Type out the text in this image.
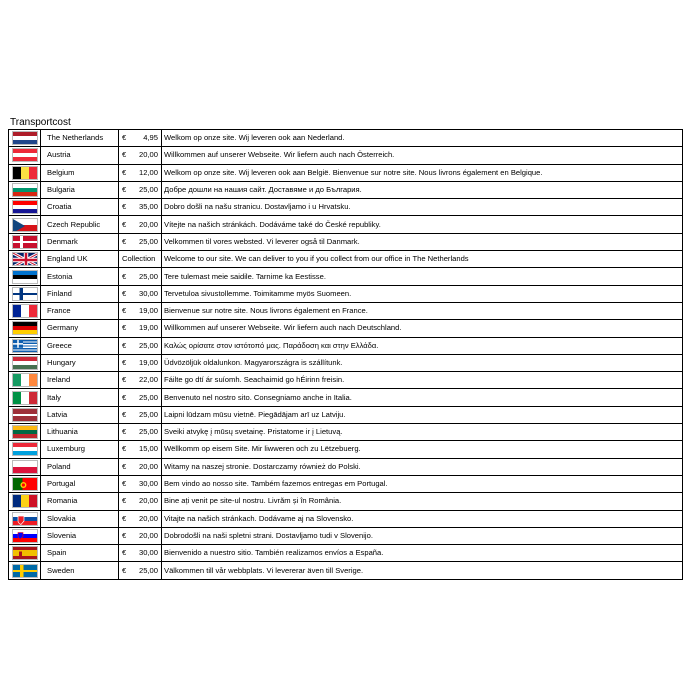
Transportcost
	The Netherlands	€ 4,95	Welkom op onze site. Wij leveren ook aan Nederland.
	Austria	€ 20,00	Willkommen auf unserer Webseite. Wir liefern auch nach Österreich.
	Belgium	€ 12,00	Welkom op onze site. Wij leveren ook aan België. Bienvenue sur notre site. Nous livrons également en Belgique.
	Bulgaria	€ 25,00	Добре дошли на нашия сайт. Доставяме и до България.
	Croatia	€ 35,00	Dobro došli na našu stranicu. Dostavljamo i u Hrvatsku.

	Czech Republic	€ 20,00	Vítejte na našich stránkách. Dodáváme také do České republiky.
	Denmark	€ 25,00	Velkommen til vores websted. Vi leverer også til Danmark.

	England UK	Collection	Welcome to our site. We can deliver to you if you collect from our office in The Netherlands
	Estonia	€ 25,00	Tere tulemast meie saidile. Tarnime ka Eestisse.
	Finland	€ 30,00	Tervetuloa sivustollemme. Toimitamme myös Suomeen.
	France	€ 19,00	Bienvenue sur notre site. Nous livrons également en France.
	Germany	€ 19,00	Willkommen auf unserer Webseite. Wir liefern auch nach Deutschland.

	Greece	€ 25,00	Καλώς ορίσατε στον ιστότοπό μας. Παράδοση και στην Ελλάδα.
	Hungary	€ 19,00	Üdvözöljük oldalunkon. Magyarországra is szállítunk.
	Ireland	€ 22,00	Fáilte go dtí ár suíomh. Seachaimid go hÉirinn freisin.
	Italy	€ 25,00	Benvenuto nel nostro sito. Consegniamo anche in Italia.
	Latvia	€ 25,00	Laipni lūdzam mūsu vietnē. Piegādājam arī uz Latviju.
	Lithuania	€ 25,00	Sveiki atvykę į mūsų svetainę. Pristatome ir į Lietuvą.
	Luxemburg	€ 15,00	Wëllkomm op eisem Site. Mir liwweren och zu Lëtzebuerg.
	Poland	€ 20,00	Witamy na naszej stronie. Dostarczamy również do Polski.

	Portugal	€ 30,00	Bem vindo ao nosso site. Também fazemos entregas em Portugal.
	Romania	€ 20,00	Bine ați venit pe site-ul nostru. Livrăm și în România.

	Slovakia	€ 20,00	Vitajte na našich stránkach. Dodávame aj na Slovensko.

	Slovenia	€ 20,00	Dobrodošli na naši spletni strani. Dostavljamo tudi v Slovenijo.

	Spain	€ 30,00	Bienvenido a nuestro sitio. También realizamos envíos a España.
	Sweden	€ 25,00	Välkommen till vår webbplats. Vi levererar även till Sverige.
